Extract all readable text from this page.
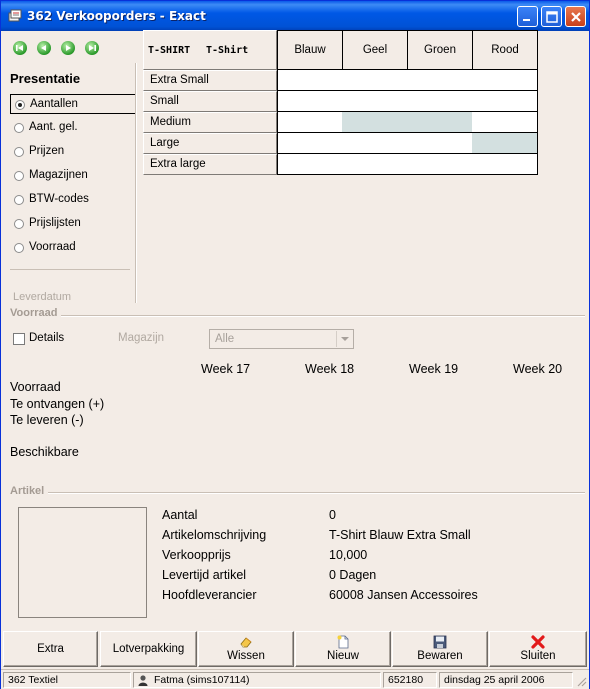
362 Verkooporders - Exact
Presentatie
Aantallen
Aant. gel.
Prijzen
Magazijnen
BTW-codes
Prijslijsten
Voorraad
Leverdatum
T-SHIRT T-Shirt	Blauw	Geel	Groen	Rood
Extra Small
Small
Medium
Large
Extra large
Voorraad
Details	Magazijn	Alle
Week 17	Week 18	Week 19	Week 20
Voorraad
Te ontvangen (+)
Te leveren (-)
Beschikbare
Artikel
Aantal	0
Artikelomschrijving	T-Shirt Blauw Extra Small
Verkoopprijs	10,000
Levertijd artikel	0 Dagen
Hoofdleverancier	60008 Jansen Accessoires
Extra	Lotverpakking
Wissen	Nieuw	Bewaren	Sluiten
362 Textiel	Fatma (sims107114)	652180	dinsdag 25 april 2006
